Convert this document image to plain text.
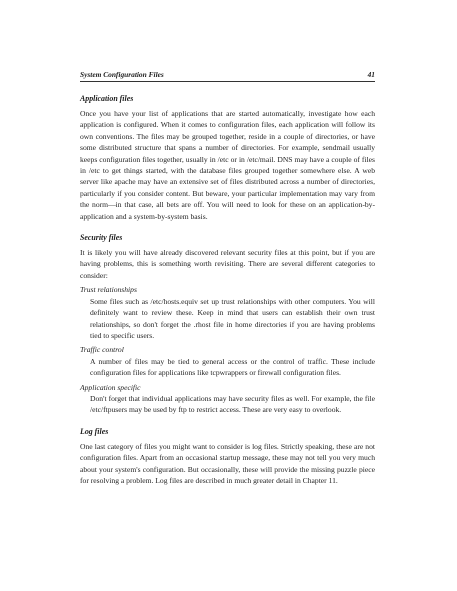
System Configuration Files	41
Application files

Once you have your list of applications that are started automatically, investigate how each application is configured. When it comes to configuration files, each application will follow its own conventions. The files may be grouped together, reside in a couple of directories, or have some distributed structure that spans a number of directories. For example, sendmail usually keeps configuration files together, usually in /etc or in /etc/mail. DNS may have a couple of files in /etc to get things started, with the database files grouped together somewhere else. A web server like apache may have an extensive set of files distributed across a number of directories, particularly if you consider content. But beware, your particular implementation may vary from the norm—in that case, all bets are off. You will need to look for these on an application-by-application and a system-by-system basis.

Security files

It is likely you will have already discovered relevant security files at this point, but if you are having problems, this is something worth revisiting. There are several different categories to consider:

Trust relationships
Some files such as /etc/hosts.equiv set up trust relationships with other computers. You will definitely want to review these. Keep in mind that users can establish their own trust relationships, so don't forget the .rhost file in home directories if you are having problems tied to specific users.
Traffic control
A number of files may be tied to general access or the control of traffic. These include configuration files for applications like tcpwrappers or firewall configuration files.
Application specific
Don't forget that individual applications may have security files as well. For example, the file /etc/ftpusers may be used by ftp to restrict access. These are very easy to overlook.
Log files

One last category of files you might want to consider is log files. Strictly speaking, these are not configuration files. Apart from an occasional startup message, these may not tell you very much about your system's configuration. But occasionally, these will provide the missing puzzle piece for resolving a problem. Log files are described in much greater detail in Chapter 11.
